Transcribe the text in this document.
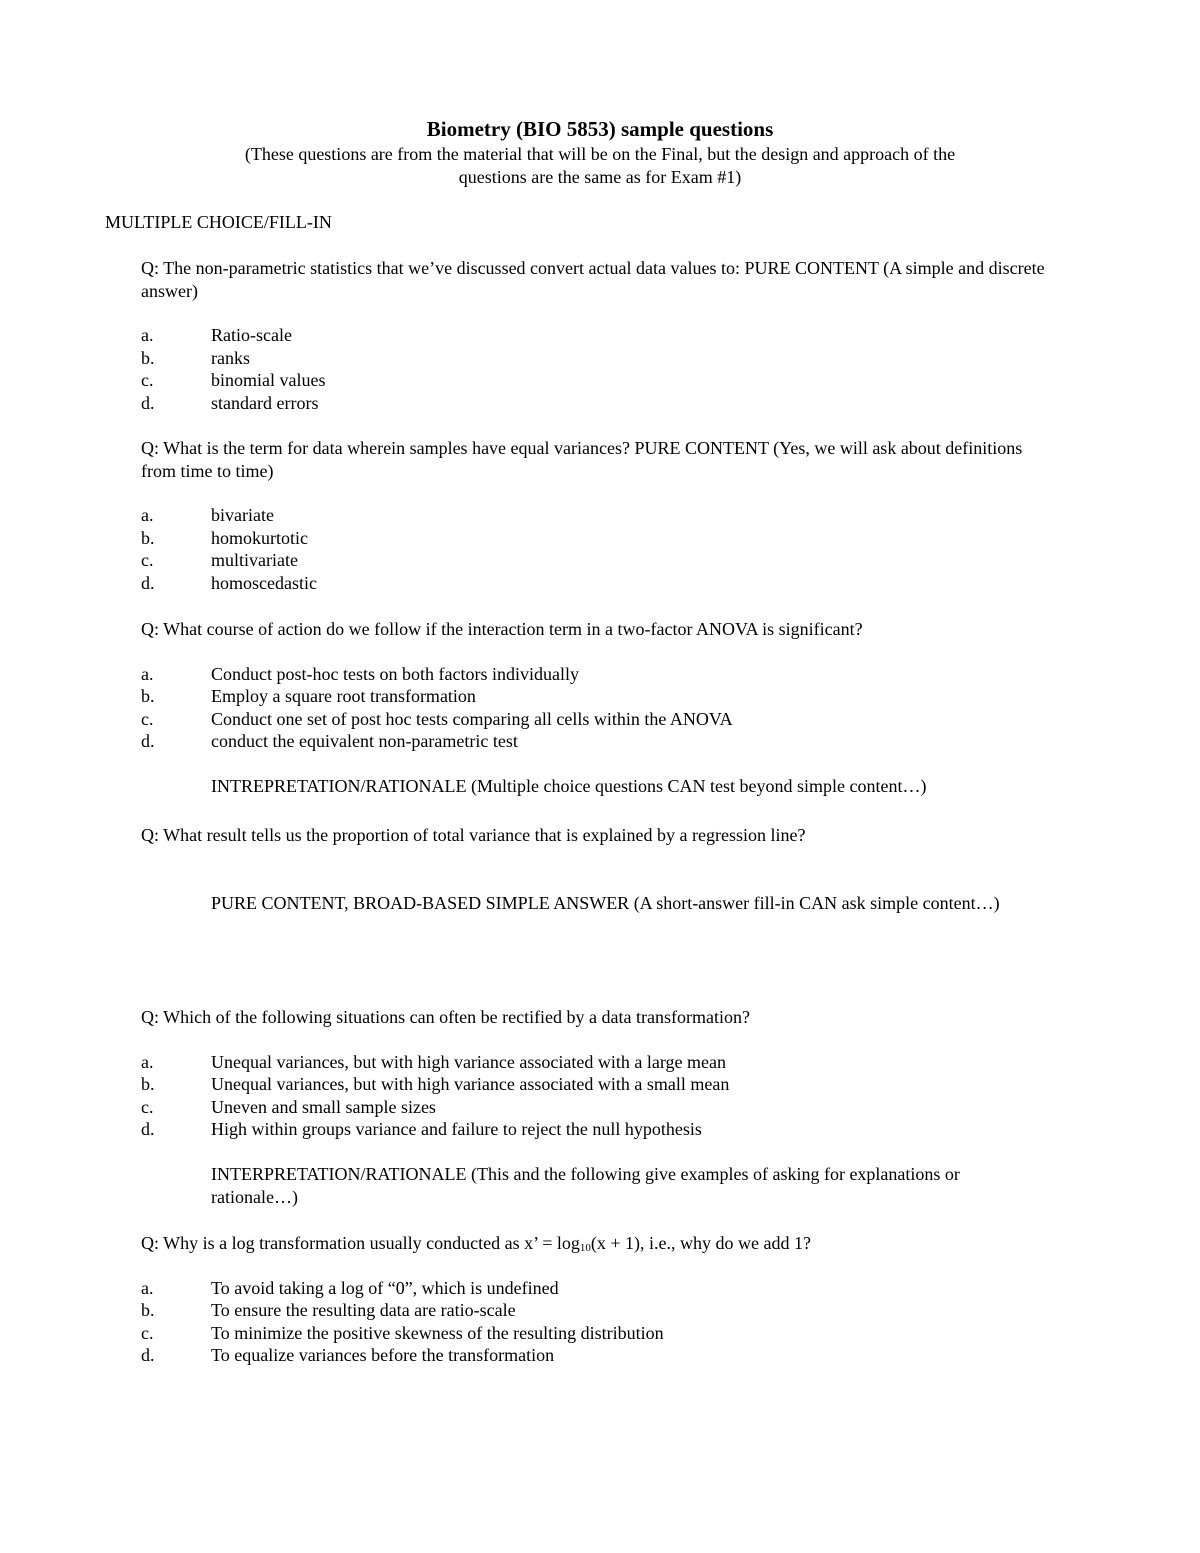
Biometry (BIO 5853) sample questions
(These questions are from the material that will be on the Final, but the design and approach of the
questions are the same as for Exam #1)
MULTIPLE CHOICE/FILL-IN

Q: The non-parametric statistics that we’ve discussed convert actual data values to: PURE CONTENT (A simple and discrete answer)

a.	Ratio-scale
b.	ranks
c.	binomial values
d.	standard errors

Q: What is the term for data wherein samples have equal variances? PURE CONTENT (Yes, we will ask about definitions from time to time)

a.	bivariate
b.	homokurtotic
c.	multivariate
d.	homoscedastic

Q: What course of action do we follow if the interaction term in a two-factor ANOVA is significant?

a.	Conduct post-hoc tests on both factors individually
b.	Employ a square root transformation
c.	Conduct one set of post hoc tests comparing all cells within the ANOVA
d.	conduct the equivalent non-parametric test

INTREPRETATION/RATIONALE (Multiple choice questions CAN test beyond simple content…)

Q: What result tells us the proportion of total variance that is explained by a regression line?

PURE CONTENT, BROAD-BASED SIMPLE ANSWER (A short-answer fill-in CAN ask simple content…)

Q: Which of the following situations can often be rectified by a data transformation?

a.	Unequal variances, but with high variance associated with a large mean
b.	Unequal variances, but with high variance associated with a small mean
c.	Uneven and small sample sizes
d.	High within groups variance and failure to reject the null hypothesis

INTERPRETATION/RATIONALE (This and the following give examples of asking for explanations or rationale…)

Q: Why is a log transformation usually conducted as x’ = $\log_{10}(x + 1)$, i.e., why do we add 1?

a.	To avoid taking a log of “0”, which is undefined
b.	To ensure the resulting data are ratio-scale
c.	To minimize the positive skewness of the resulting distribution
d.	To equalize variances before the transformation
